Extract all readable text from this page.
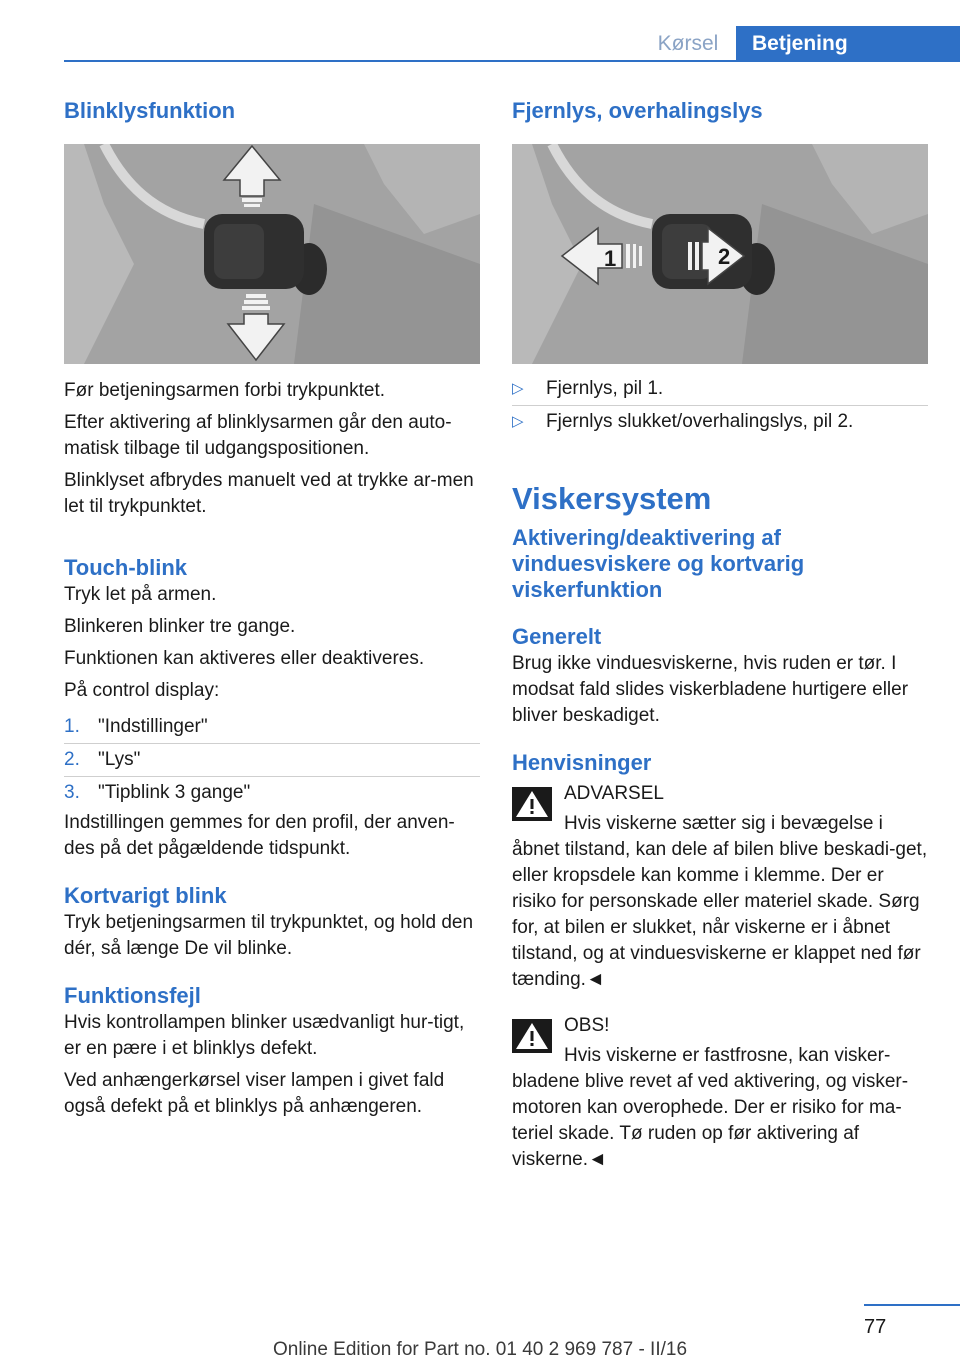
Kørsel	Betjening
Blinklysfunktion

Før betjeningsarmen forbi trykpunktet.

Efter aktivering af blinklysarmen går den auto-matisk tilbage til udgangspositionen.

Blinklyset afbrydes manuelt ved at trykke ar-men let til trykpunktet.

Touch-blink

Tryk let på armen.

Blinkeren blinker tre gange.

Funktionen kan aktiveres eller deaktiveres.

På control display:

1. "Indstillinger"
2. "Lys"
3. "Tipblink 3 gange"

Indstillingen gemmes for den profil, der anven-des på det pågældende tidspunkt.

Kortvarigt blink

Tryk betjeningsarmen til trykpunktet, og hold den dér, så længe De vil blinke.

Funktionsfejl

Hvis kontrollampen blinker usædvanligt hur-tigt, er en pære i et blinklys defekt.

Ved anhængerkørsel viser lampen i givet fald også defekt på et blinklys på anhængeren.

Fjernlys, overhalingslys
1	2
▷ Fjernlys, pil 1.
▷ Fjernlys slukket/overhalingslys, pil 2.
Viskersystem
Aktivering/deaktivering af vinduesviskere og kortvarig viskerfunktion
Generelt

Brug ikke vinduesviskerne, hvis ruden er tør. I modsat fald slides viskerbladene hurtigere eller bliver beskadiget.

Henvisninger

ADVARSEL

Hvis viskerne sætter sig i bevægelse i

åbnet tilstand, kan dele af bilen blive beskadi-get, eller kropsdele kan komme i klemme. Der er risiko for personskade eller materiel skade. Sørg for, at bilen er slukket, når viskerne er i åbnet tilstand, og at vinduesviskerne er klappet ned før tænding.◄

OBS!

Hvis viskerne er fastfrosne, kan visker-

bladene blive revet af ved aktivering, og visker-motoren kan overophede. Der er risiko for ma-teriel skade. Tø ruden op før aktivering af viskerne.◄

77
Online Edition for Part no. 01 40 2 969 787 - II/16
